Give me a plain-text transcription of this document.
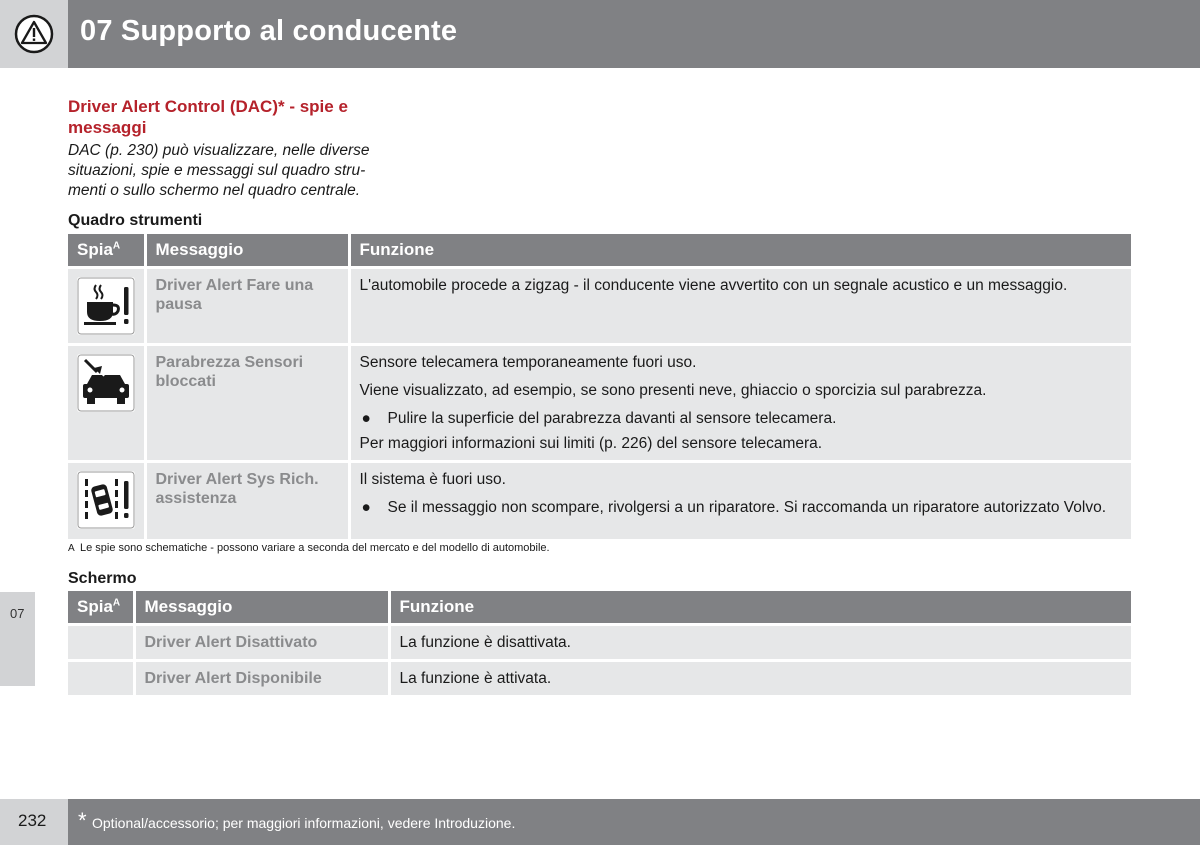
07 Supporto al conducente
07
Driver Alert Control (DAC)* - spie e messaggi
DAC (p. 230) può visualizzare, nelle diverse situazioni, spie e messaggi sul quadro stru-menti o sullo schermo nel quadro centrale.
Quadro strumenti
Spia$^A$	Messaggio	Funzione

	Driver Alert Fare una pausa	L'automobile procede a zigzag - il conducente viene avvertito con un segnale acustico e un messaggio.

	Parabrezza Sensori bloccati	Sensore telecamera temporaneamente fuori uso.

Viene visualizzato, ad esempio, se sono presenti neve, ghiaccio o sporcizia sul parabrezza.

● Pulire la superficie del parabrezza davanti al sensore telecamera.

Per maggiori informazioni sui limiti (p. 226) del sensore telecamera.

	Driver Alert Sys Rich. assistenza	Il sistema è fuori uso.

● Se il messaggio non scompare, rivolgersi a un riparatore. Si raccomanda un riparatore autorizzato Volvo.
A Le spie sono schematiche - possono variare a seconda del mercato e del modello di automobile.
Schermo
Spia$^A$	Messaggio	Funzione
	Driver Alert Disattivato	La funzione è disattivata.
	Driver Alert Disponibile	La funzione è attivata.
232 * Optional/accessorio; per maggiori informazioni, vedere Introduzione.
